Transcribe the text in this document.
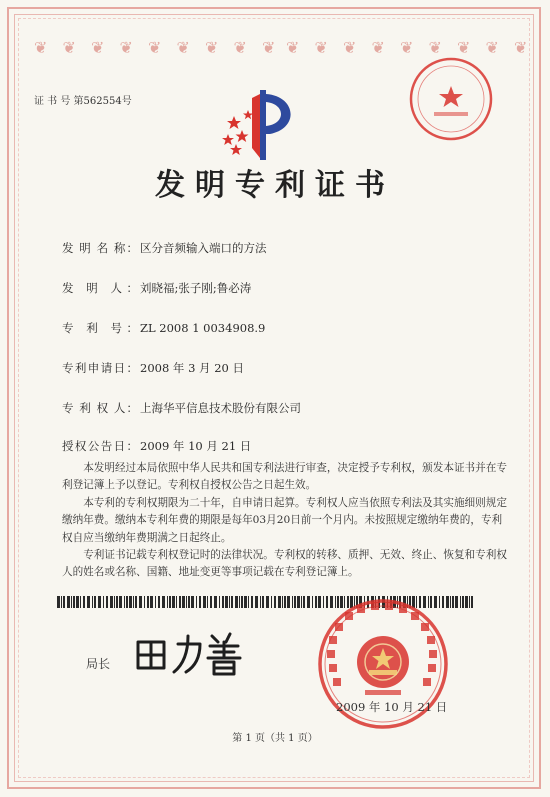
❦ ❦ ❦ ❦ ❦ ❦ ❦ ❦ ❦ ❦ ❦ ❦ ❦ ❦ ❦ ❦ ❦ ❦
证 书 号 第562554号
发明专利证书
发 明 名 称： 区分音频输入端口的方法
发 明 人： 刘晓福;张子刚;鲁必涛
专 利 号： ZL 2008 1 0034908.9
专利申请日： 2008 年 3 月 20 日
专 利 权 人： 上海华平信息技术股份有限公司
授权公告日： 2009 年 10 月 21 日

本发明经过本局依照中华人民共和国专利法进行审查，决定授予专利权，颁发本证书并在专利登记簿上予以登记。专利权自授权公告之日起生效。

本专利的专利权期限为二十年，自申请日起算。专利权人应当依照专利法及其实施细则规定缴纳年费。缴纳本专利年费的期限是每年03月20日前一个月内。未按照规定缴纳年费的，专利权自应当缴纳年费期满之日起终止。

专利证书记载专利权登记时的法律状况。专利权的转移、质押、无效、终止、恢复和专利权人的姓名或名称、国籍、地址变更等事项记载在专利登记簿上。

局长
2009 年 10 月 21 日
第 1 页（共 1 页）
